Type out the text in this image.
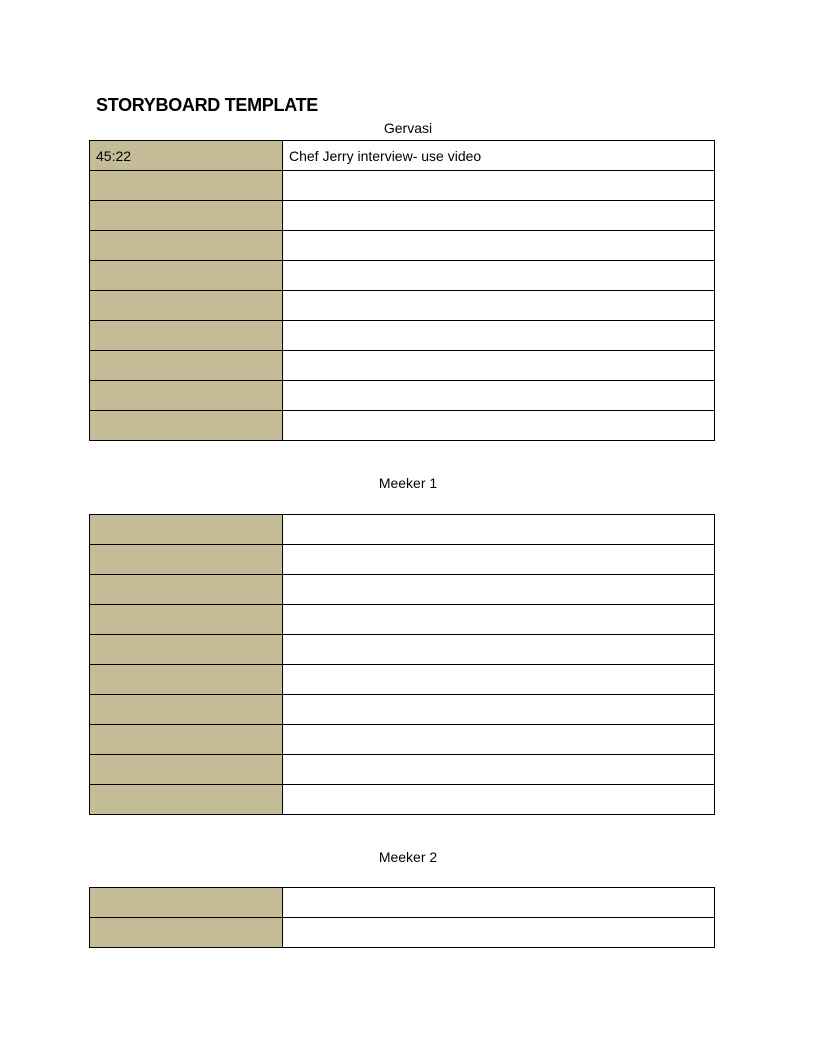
STORYBOARD TEMPLATE
Gervasi
45:22	Chef Jerry interview- use video

Meeker 1

Meeker 2
